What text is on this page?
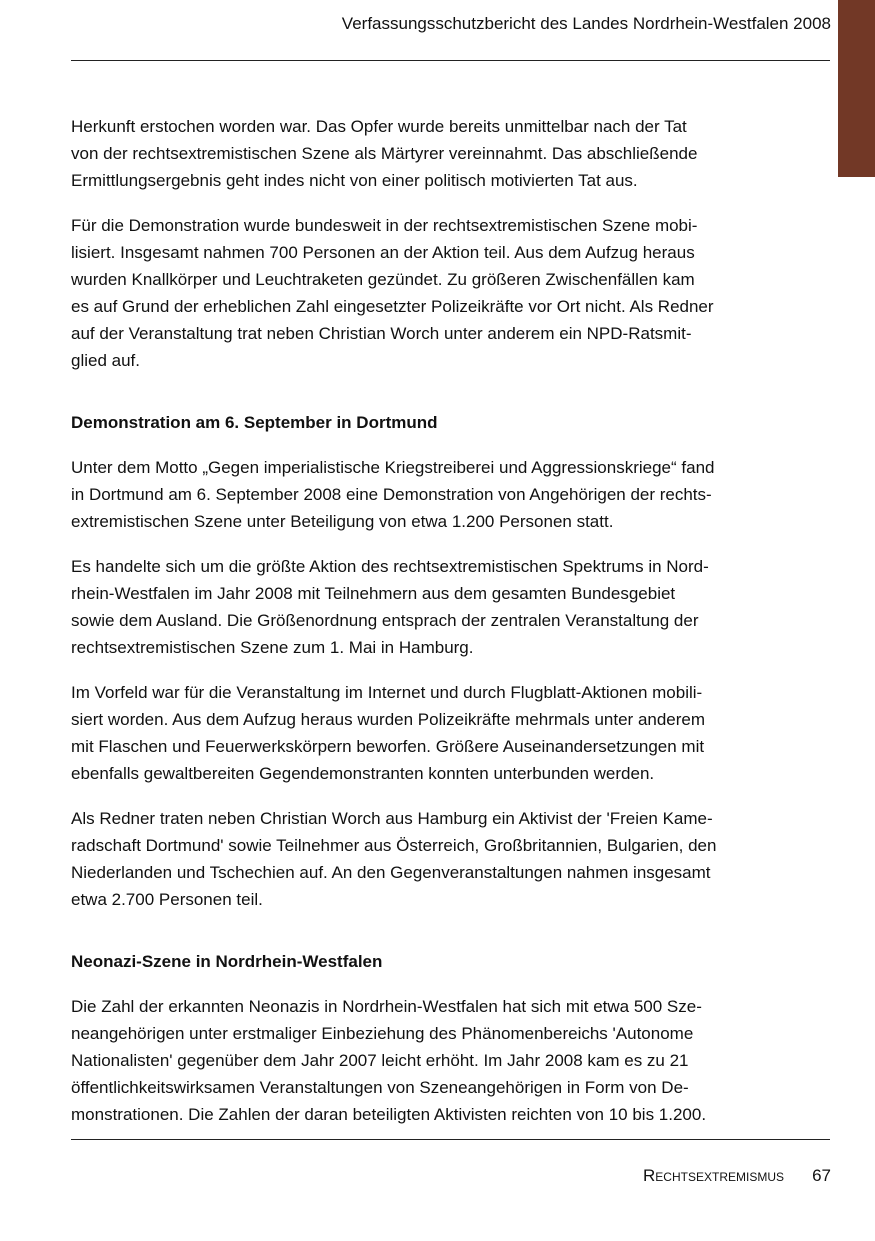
Verfassungsschutzbericht des Landes Nordrhein-Westfalen 2008

Herkunft erstochen worden war. Das Opfer wurde bereits unmittelbar nach der Tat
von der rechtsextremistischen Szene als Märtyrer vereinnahmt. Das abschließende
Ermittlungsergebnis geht indes nicht von einer politisch motivierten Tat aus.

Für die Demonstration wurde bundesweit in der rechtsextremistischen Szene mobi-
lisiert. Insgesamt nahmen 700 Personen an der Aktion teil. Aus dem Aufzug heraus
wurden Knallkörper und Leuchtraketen gezündet. Zu größeren Zwischenfällen kam
es auf Grund der erheblichen Zahl eingesetzter Polizeikräfte vor Ort nicht. Als Redner
auf der Veranstaltung trat neben Christian Worch unter anderem ein NPD-Ratsmit-
glied auf.

Demonstration am 6. September in Dortmund

Unter dem Motto „Gegen imperialistische Kriegstreiberei und Aggressionskriege“ fand
in Dortmund am 6. September 2008 eine Demonstration von Angehörigen der rechts-
extremistischen Szene unter Beteiligung von etwa 1.200 Personen statt.

Es handelte sich um die größte Aktion des rechtsextremistischen Spektrums in Nord-
rhein-Westfalen im Jahr 2008 mit Teilnehmern aus dem gesamten Bundesgebiet
sowie dem Ausland. Die Größenordnung entsprach der zentralen Veranstaltung der
rechtsextremistischen Szene zum 1. Mai in Hamburg.

Im Vorfeld war für die Veranstaltung im Internet und durch Flugblatt-Aktionen mobili-
siert worden. Aus dem Aufzug heraus wurden Polizeikräfte mehrmals unter anderem
mit Flaschen und Feuerwerkskörpern beworfen. Größere Auseinandersetzungen mit
ebenfalls gewaltbereiten Gegendemonstranten konnten unterbunden werden.

Als Redner traten neben Christian Worch aus Hamburg ein Aktivist der 'Freien Kame-
radschaft Dortmund' sowie Teilnehmer aus Österreich, Großbritannien, Bulgarien, den
Niederlanden und Tschechien auf. An den Gegenveranstaltungen nahmen insgesamt
etwa 2.700 Personen teil.

Neonazi-Szene in Nordrhein-Westfalen

Die Zahl der erkannten Neonazis in Nordrhein-Westfalen hat sich mit etwa 500 Sze-
neangehörigen unter erstmaliger Einbeziehung des Phänomenbereichs 'Autonome
Nationalisten' gegenüber dem Jahr 2007 leicht erhöht. Im Jahr 2008 kam es zu 21
öffentlichkeitswirksamen Veranstaltungen von Szeneangehörigen in Form von De-
monstrationen. Die Zahlen der daran beteiligten Aktivisten reichten von 10 bis 1.200.

Rechtsextremismus 67
